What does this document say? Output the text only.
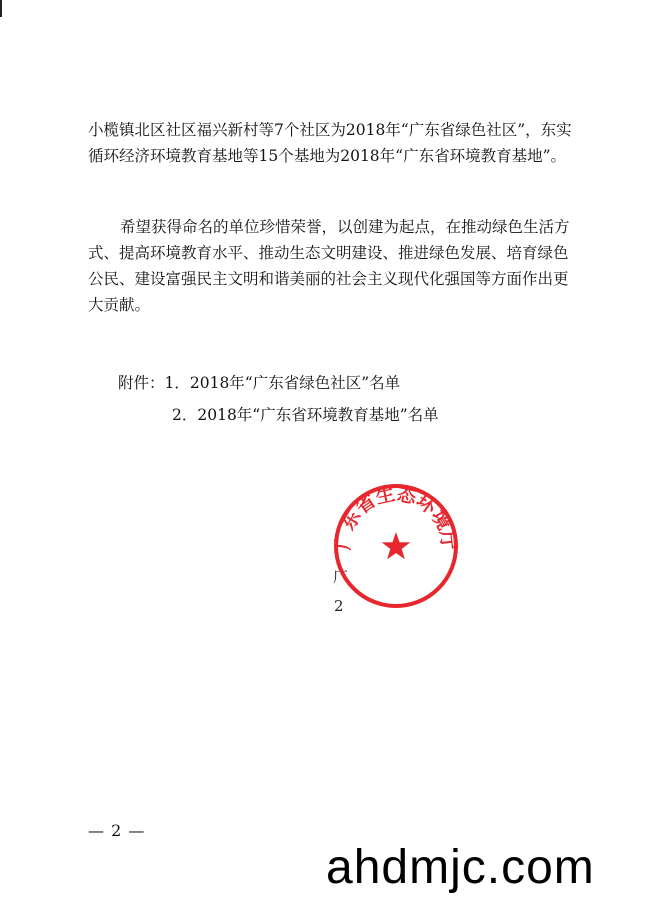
小榄镇北区社区福兴新村等7个社区为2018年“广东省绿色社区”，东实循环经济环境教育基地等15个基地为2018年“广东省环境教育基地”。

希望获得命名的单位珍惜荣誉，以创建为起点，在推动绿色生活方式、提高环境教育水平、推动生态文明建设、推进绿色发展、培育绿色公民、建设富强民主文明和谐美丽的社会主义现代化强国等方面作出更大贡献。

附件：1．2018年“广东省绿色社区”名单
2．2018年“广东省环境教育基地”名单
厂
2
广东省生态环境厅
— 2 —
ahdmjc.com
